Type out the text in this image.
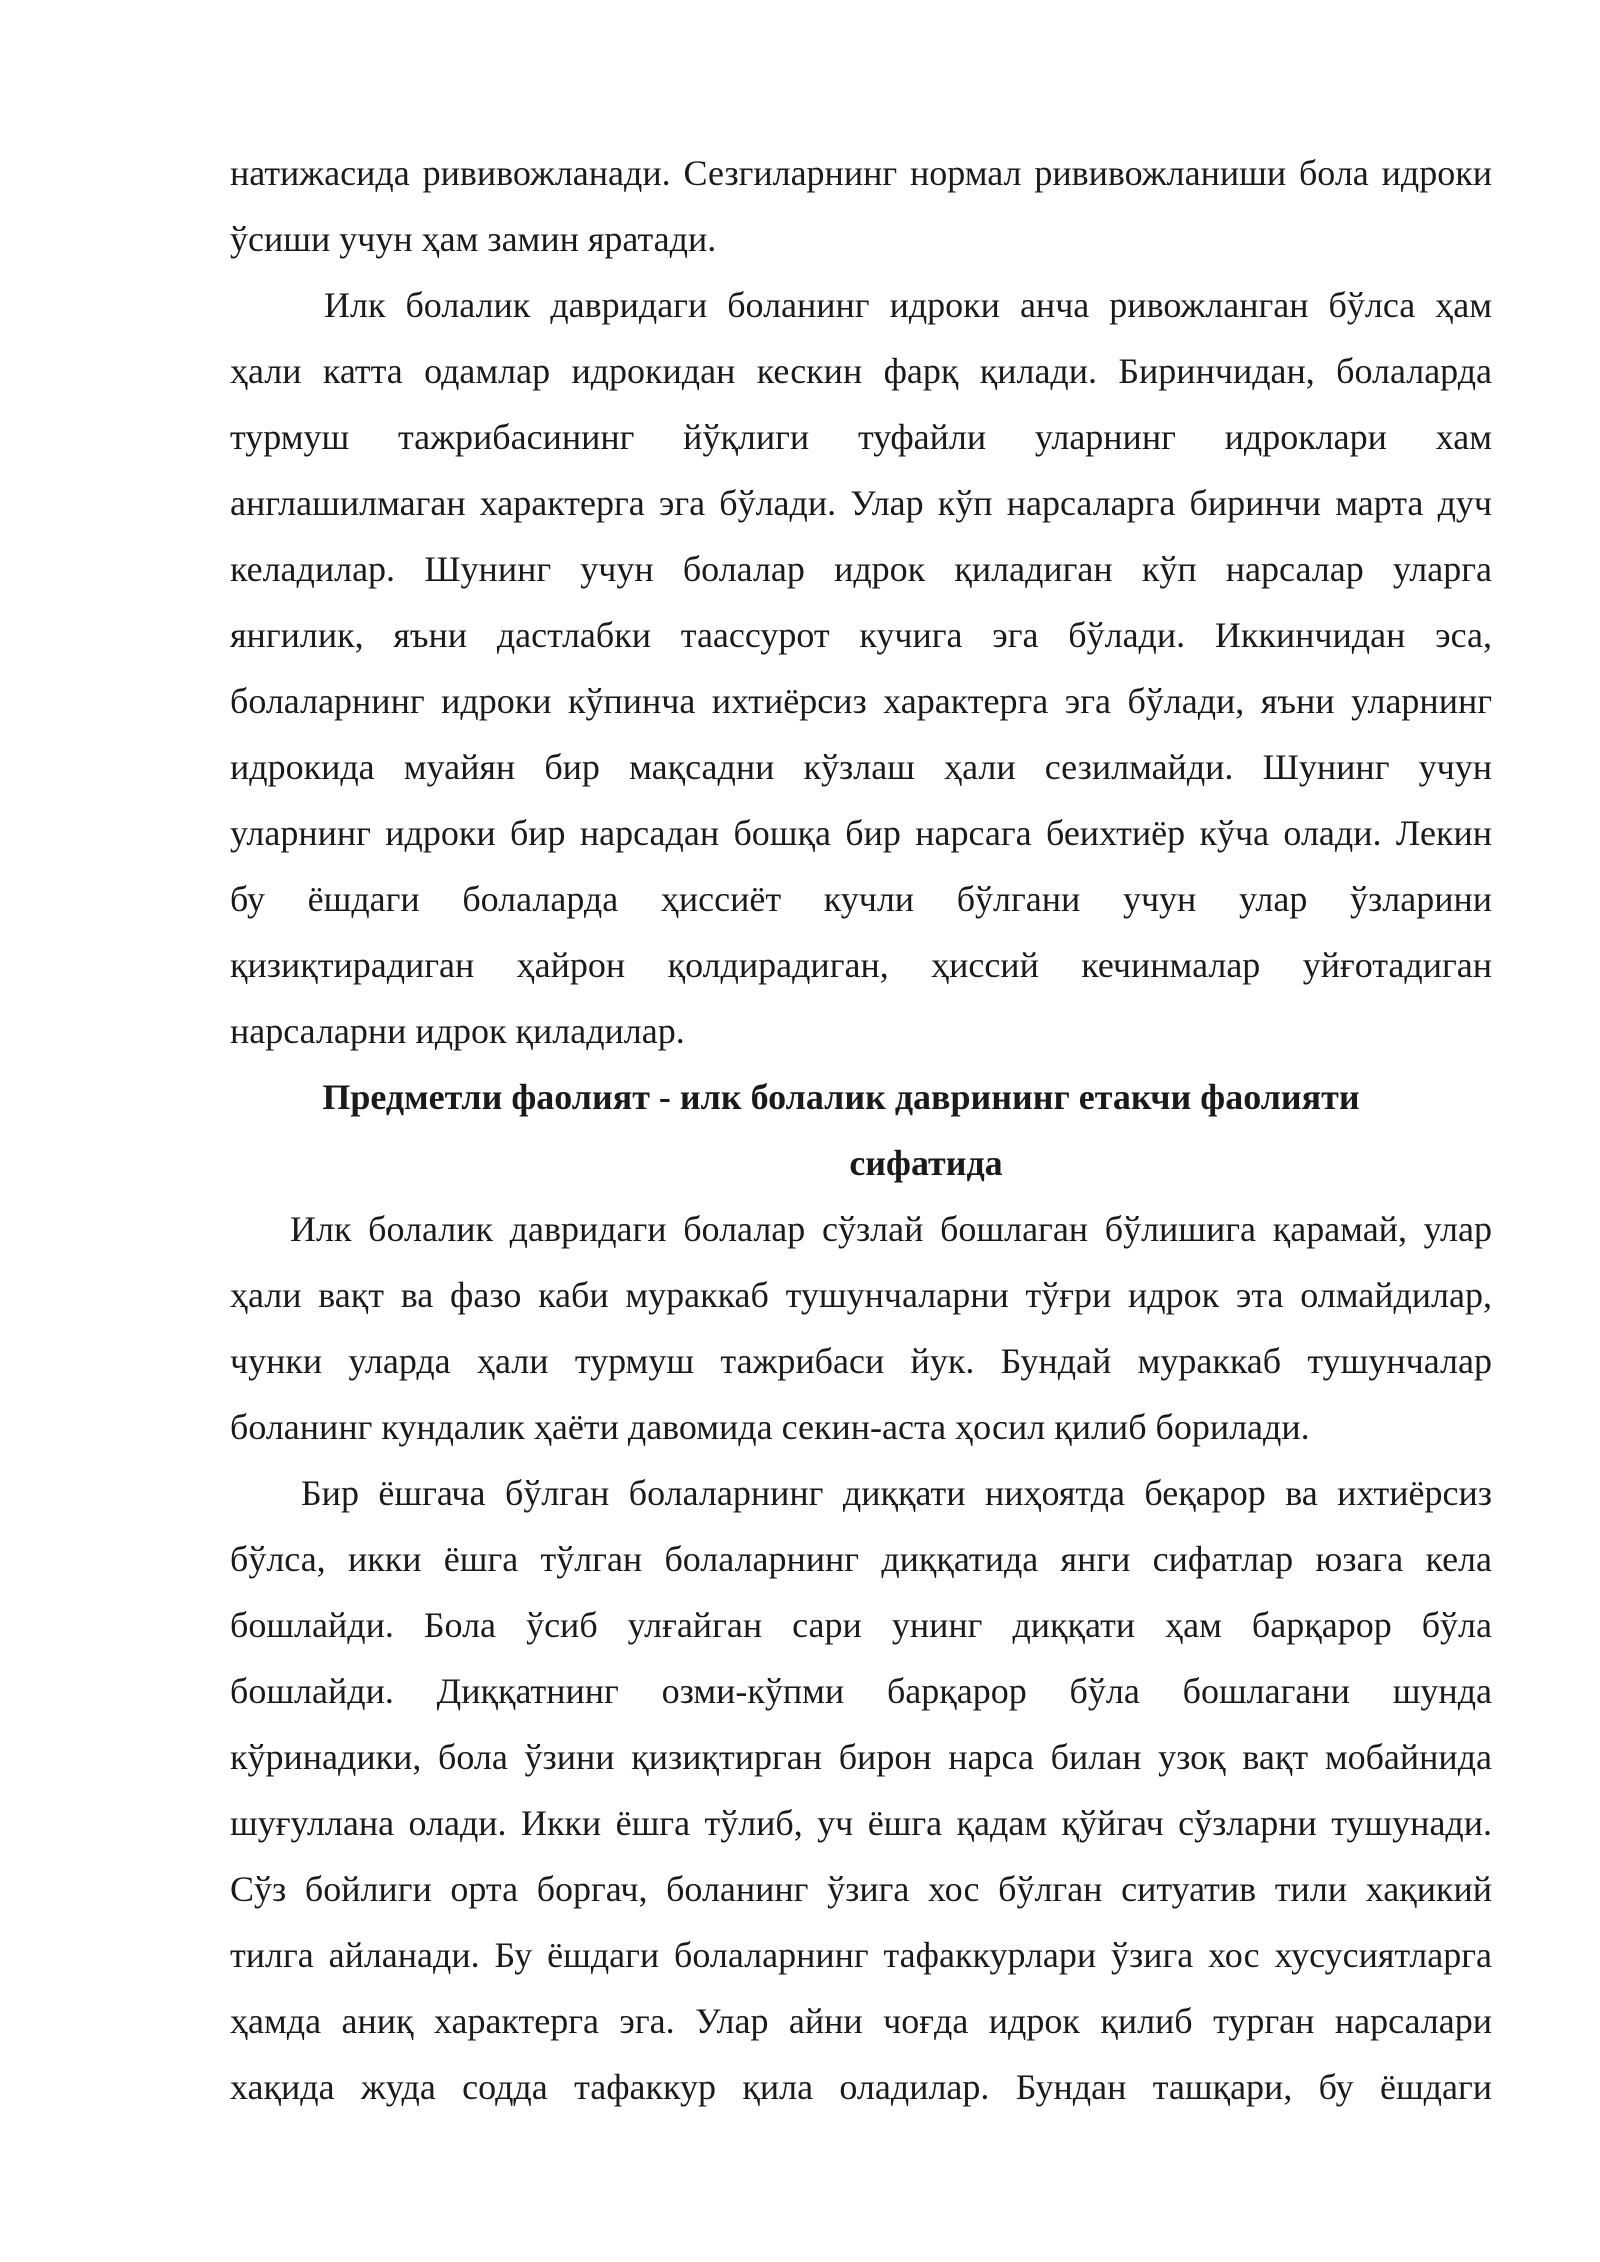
натижасида рививожланади. Сезгиларнинг нормал рививожланиши бола идроки
ўсиши учун ҳам замин яратади.
Илк болалик давридаги боланинг идроки анча ривожланган бўлса ҳам
ҳали катта одамлар идрокидан кескин фарқ қилади. Биринчидан, болаларда
турмуш тажрибасининг йўқлиги туфайли уларнинг идроклари хам
англашилмаган характерга эга бўлади. Улар кўп нарсаларга биринчи марта дуч
келадилар. Шунинг учун болалар идрок қиладиган кўп нарсалар уларга
янгилик, яъни дастлабки таассурот кучига эга бўлади. Иккинчидан эса,
болаларнинг идроки кўпинча ихтиёрсиз характерга эга бўлади, яъни уларнинг
идрокида муайян бир мақсадни кўзлаш ҳали сезилмайди. Шунинг учун
уларнинг идроки бир нарсадан бошқа бир нарсага беихтиёр кўча олади. Лекин
бу ёшдаги болаларда ҳиссиёт кучли бўлгани учун улар ўзларини
қизиқтирадиган ҳайрон қолдирадиган, ҳиссий кечинмалар уйғотадиган
нарсаларни идрок қиладилар.
Предметли фаолият - илк болалик даврининг етакчи фаолияти
сифатида
Илк болалик давридаги болалар сўзлай бошлаган бўлишига қарамай, улар
ҳали вақт ва фазо каби мураккаб тушунчаларни тўғри идрок эта олмайдилар,
чунки уларда ҳали турмуш тажрибаси йук. Бундай мураккаб тушунчалар
боланинг кундалик ҳаёти давомида секин-аста ҳосил қилиб борилади.
Бир ёшгача бўлган болаларнинг диққати ниҳоятда беқарор ва ихтиёрсиз
бўлса, икки ёшга тўлган болаларнинг диққатида янги сифатлар юзага кела
бошлайди. Бола ўсиб улғайган сари унинг диққати ҳам барқарор бўла
бошлайди. Диққатнинг озми-кўпми барқарор бўла бошлагани шунда
кўринадики, бола ўзини қизиқтирган бирон нарса билан узоқ вақт мобайнида
шуғуллана олади. Икки ёшга тўлиб, уч ёшга қадам қўйгач сўзларни тушунади.
Сўз бойлиги орта боргач, боланинг ўзига хос бўлган ситуатив тили хақикий
тилга айланади. Бу ёшдаги болаларнинг тафаккурлари ўзига хос хусусиятларга
ҳамда аниқ характерга эга. Улар айни чоғда идрок қилиб турган нарсалари
хақида жуда содда тафаккур қила оладилар. Бундан ташқари, бу ёшдаги
